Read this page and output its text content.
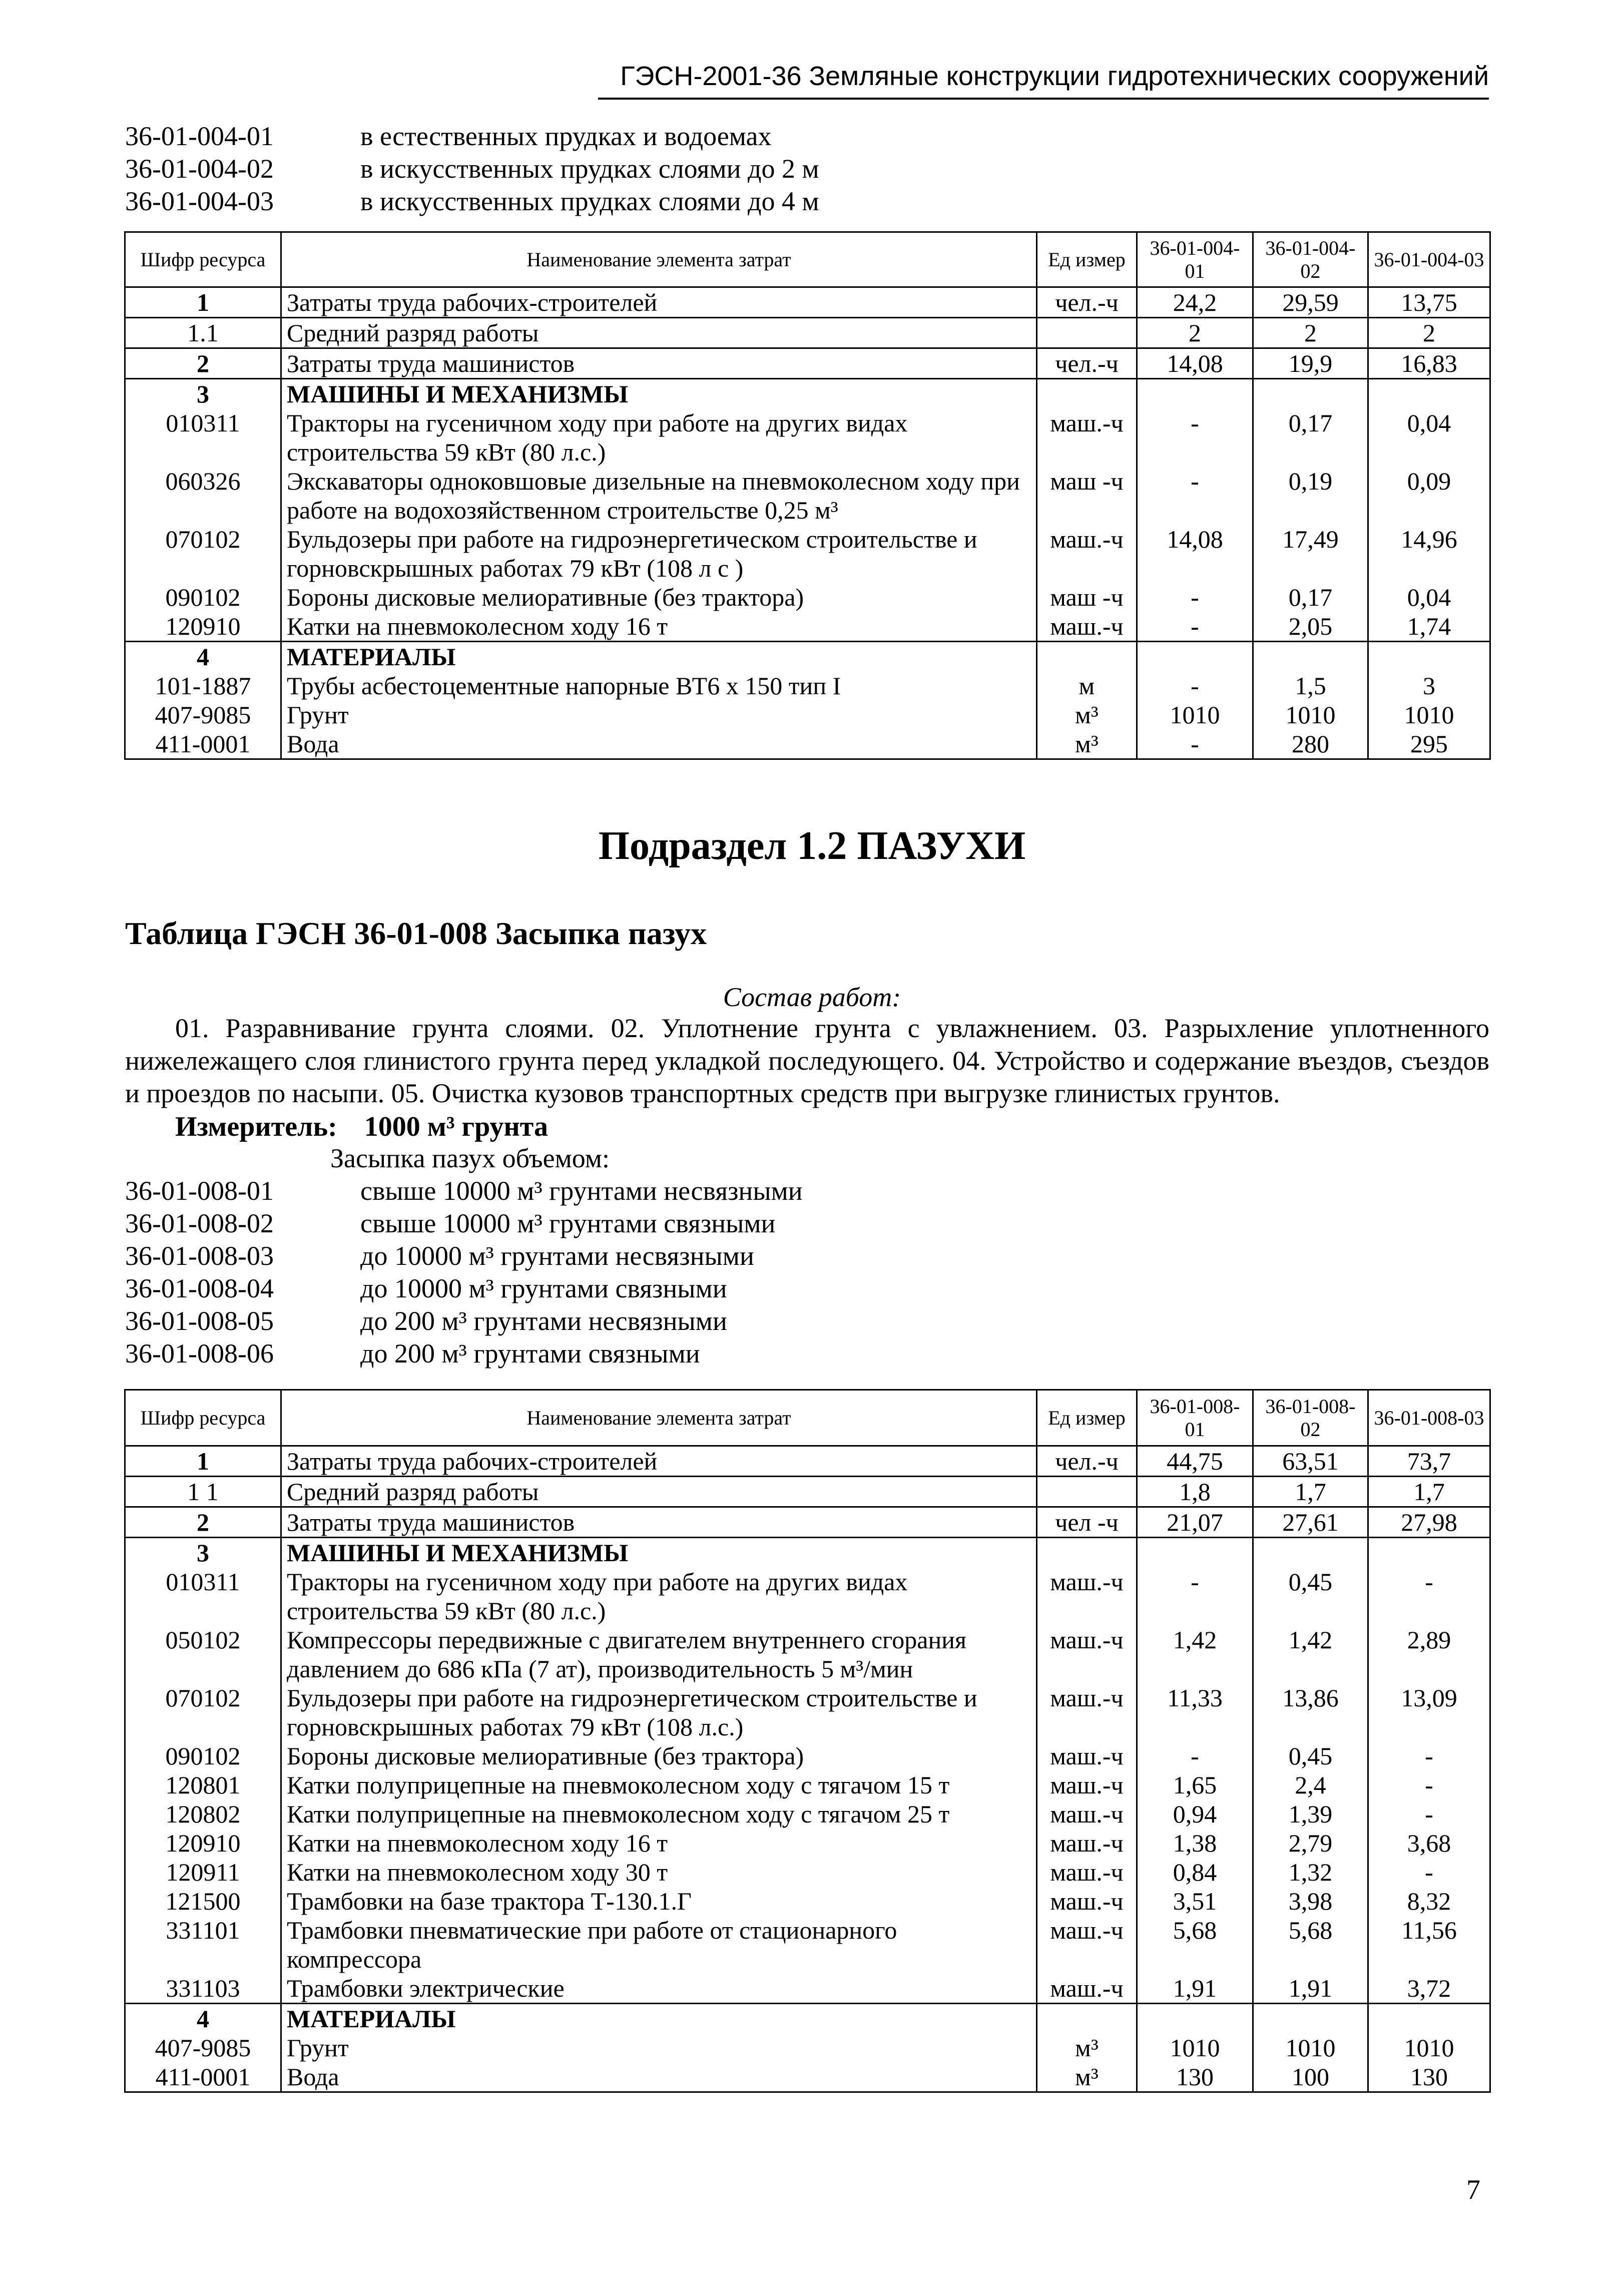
ГЭСН-2001-36 Земляные конструкции гидротехнических сооружений
36-01-004-01	в естественных прудках и водоемах
36-01-004-02	в искусственных прудках слоями до 2 м
36-01-004-03	в искусственных прудках слоями до 4 м
Шифр ресурса	Наименование элемента затрат	Ед измер	36-01-004-01	36-01-004-02	36-01-004-03
1	Затраты труда рабочих-строителей	чел.-ч	24,2	29,59	13,75
1.1	Средний разряд работы		2	2	2
2	Затраты труда машинистов	чел.-ч	14,08	19,9	16,83
3	МАШИНЫ И МЕХАНИЗМЫ				
010311	Тракторы на гусеничном ходу при работе на других видах строительства 59 кВт (80 л.с.)	маш.-ч	-	0,17	0,04
060326	Экскаваторы одноковшовые дизельные на пневмоколесном ходу при работе на водохозяйственном строительстве 0,25 м³	маш -ч	-	0,19	0,09
070102	Бульдозеры при работе на гидроэнергетическом строительстве и горновскрышных работах 79 кВт (108 л с )	маш.-ч	14,08	17,49	14,96
090102	Бороны дисковые мелиоративные (без трактора)	маш -ч	-	0,17	0,04
120910	Катки на пневмоколесном ходу 16 т	маш.-ч	-	2,05	1,74
4	МАТЕРИАЛЫ				
101-1887	Трубы асбестоцементные напорные ВТ6 x 150 тип I	м	-	1,5	3
407-9085	Грунт	м³	1010	1010	1010
411-0001	Вода	м³	-	280	295
Подраздел 1.2 ПАЗУХИ
Таблица ГЭСН 36-01-008 Засыпка пазух
Состав работ:
01. Разравнивание грунта слоями. 02. Уплотнение грунта с увлажнением. 03. Разрыхление уплотненного нижележащего слоя глинистого грунта перед укладкой последующего. 04. Устройство и содержание въездов, съездов и проездов по насыпи. 05. Очистка кузовов транспортных средств при выгрузке глинистых грунтов.
Измеритель: 1000 м³ грунта
Засыпка пазух объемом:
36-01-008-01	свыше 10000 м³ грунтами несвязными
36-01-008-02	свыше 10000 м³ грунтами связными
36-01-008-03	до 10000 м³ грунтами несвязными
36-01-008-04	до 10000 м³ грунтами связными
36-01-008-05	до 200 м³ грунтами несвязными
36-01-008-06	до 200 м³ грунтами связными
Шифр ресурса	Наименование элемента затрат	Ед измер	36-01-008-01	36-01-008-02	36-01-008-03
1	Затраты труда рабочих-строителей	чел.-ч	44,75	63,51	73,7
1 1	Средний разряд работы		1,8	1,7	1,7
2	Затраты труда машинистов	чел -ч	21,07	27,61	27,98
3	МАШИНЫ И МЕХАНИЗМЫ				
010311	Тракторы на гусеничном ходу при работе на других видах строительства 59 кВт (80 л.с.)	маш.-ч	-	0,45	-
050102	Компрессоры передвижные с двигателем внутреннего сгорания давлением до 686 кПа (7 ат), производительность 5 м³/мин	маш.-ч	1,42	1,42	2,89
070102	Бульдозеры при работе на гидроэнергетическом строительстве и горновскрышных работах 79 кВт (108 л.с.)	маш.-ч	11,33	13,86	13,09
090102	Бороны дисковые мелиоративные (без трактора)	маш.-ч	-	0,45	-
120801	Катки полуприцепные на пневмоколесном ходу с тягачом 15 т	маш.-ч	1,65	2,4	-
120802	Катки полуприцепные на пневмоколесном ходу с тягачом 25 т	маш.-ч	0,94	1,39	-
120910	Катки на пневмоколесном ходу 16 т	маш.-ч	1,38	2,79	3,68
120911	Катки на пневмоколесном ходу 30 т	маш.-ч	0,84	1,32	-
121500	Трамбовки на базе трактора Т-130.1.Г	маш.-ч	3,51	3,98	8,32
331101	Трамбовки пневматические при работе от стационарного компрессора	маш.-ч	5,68	5,68	11,56
331103	Трамбовки электрические	маш.-ч	1,91	1,91	3,72
4	МАТЕРИАЛЫ				
407-9085	Грунт	м³	1010	1010	1010
411-0001	Вода	м³	130	100	130
7
